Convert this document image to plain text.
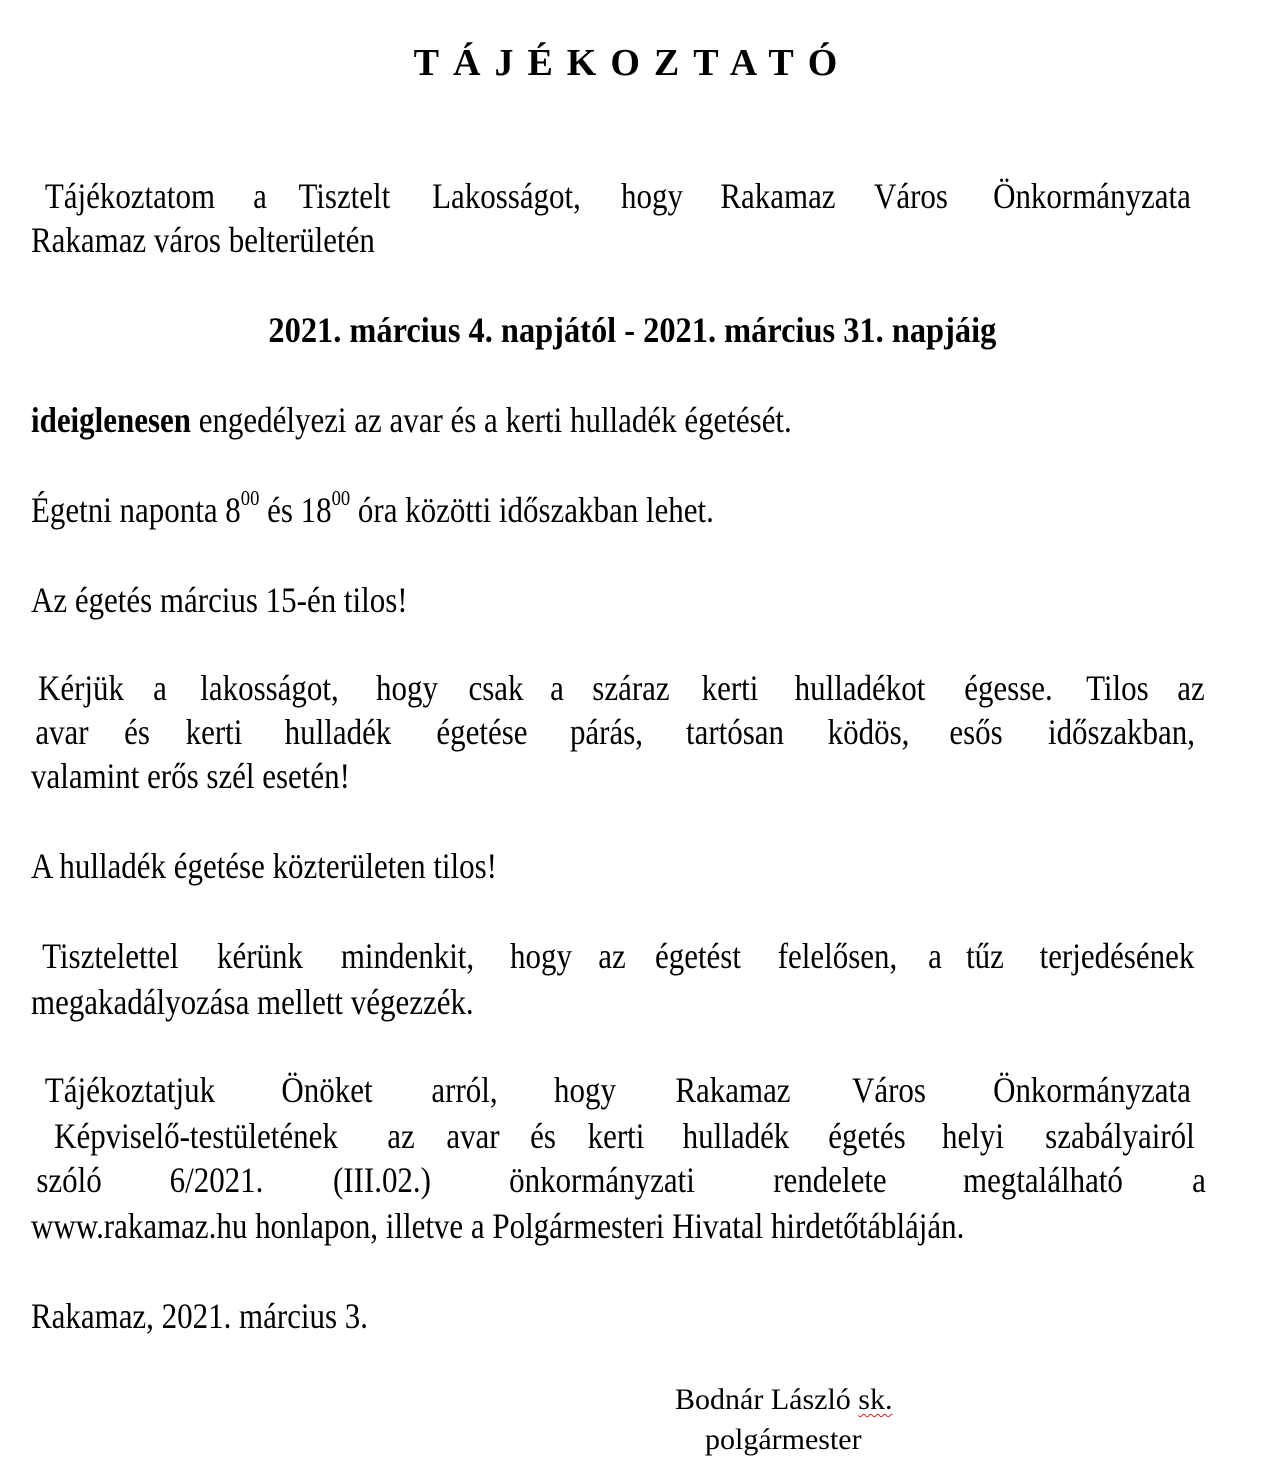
TÁJÉKOZTATÓ
Tájékoztatom a Tisztelt Lakosságot, hogy Rakamaz Város Önkormányzata
Rakamaz város belterületén
2021. március 4. napjától - 2021. március 31. napjáig
ideiglenesen engedélyezi az avar és a kerti hulladék égetését.
Égetni naponta $8^{00}$ és $18^{00}$ óra közötti időszakban lehet.
Az égetés március 15-én tilos!
Kérjük a lakosságot, hogy csak a száraz kerti hulladékot égesse. Tilos az
avar és kerti hulladék égetése párás, tartósan ködös, esős időszakban,
valamint erős szél esetén!
A hulladék égetése közterületen tilos!
Tisztelettel kérünk mindenkit, hogy az égetést felelősen, a tűz terjedésének
megakadályozása mellett végezzék.
Tájékoztatjuk Önöket arról, hogy Rakamaz Város Önkormányzata
Képviselő-testületének az avar és kerti hulladék égetés helyi szabályairól
szóló 6/2021. (III.02.) önkormányzati rendelete megtalálható a
www.rakamaz.hu honlapon, illetve a Polgármesteri Hivatal hirdetőtábláján.
Rakamaz, 2021. március 3.
Bodnár László sk.
polgármester
